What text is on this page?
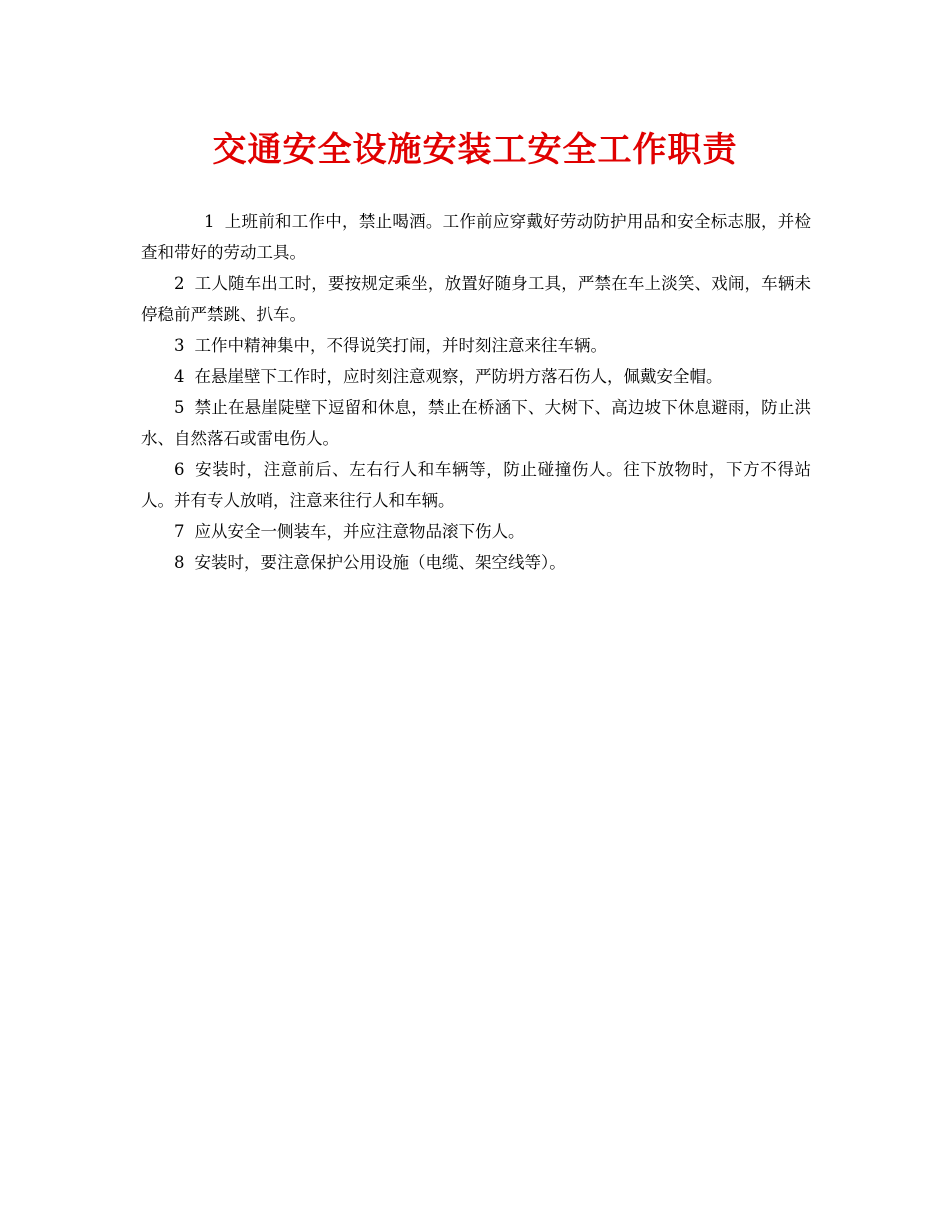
交通安全设施安装工安全工作职责

1 上班前和工作中，禁止喝酒。工作前应穿戴好劳动防护用品和安全标志服，并检查和带好的劳动工具。

2 工人随车出工时，要按规定乘坐，放置好随身工具，严禁在车上淡笑、戏闹，车辆未停稳前严禁跳、扒车。

3 工作中精神集中，不得说笑打闹，并时刻注意来往车辆。

4 在悬崖壁下工作时，应时刻注意观察，严防坍方落石伤人，佩戴安全帽。

5 禁止在悬崖陡壁下逗留和休息，禁止在桥涵下、大树下、高边坡下休息避雨，防止洪水、自然落石或雷电伤人。

6 安装时，注意前后、左右行人和车辆等，防止碰撞伤人。往下放物时，下方不得站人。并有专人放哨，注意来往行人和车辆。

7 应从安全一侧装车，并应注意物品滚下伤人。

8 安装时，要注意保护公用设施（电缆、架空线等）。
